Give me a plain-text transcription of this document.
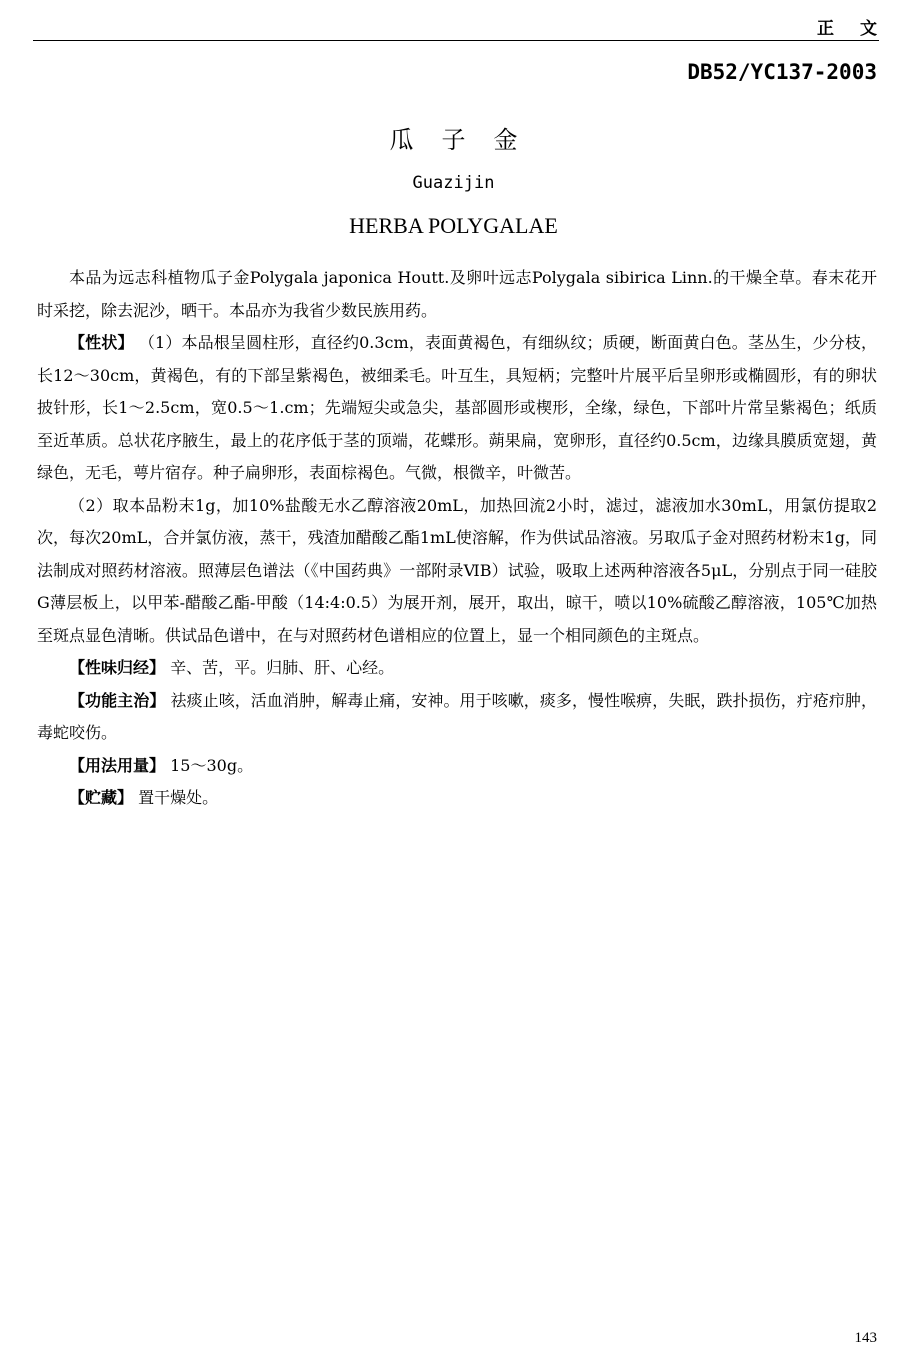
正文
DB52/YC137-2003
瓜子金
Guazijin
HERBA POLYGALAE

本品为远志科植物瓜子金Polygala japonica Houtt.及卵叶远志Polygala sibirica Linn.的干燥全草。春末花开时采挖，除去泥沙，晒干。本品亦为我省少数民族用药。

【性状】 （1）本品根呈圆柱形，直径约0.3cm，表面黄褐色，有细纵纹；质硬，断面黄白色。茎丛生，少分枝，长12～30cm，黄褐色，有的下部呈紫褐色，被细柔毛。叶互生，具短柄；完整叶片展平后呈卵形或椭圆形，有的卵状披针形，长1～2.5cm，宽0.5～1.cm；先端短尖或急尖，基部圆形或楔形，全缘，绿色，下部叶片常呈紫褐色；纸质至近革质。总状花序腋生，最上的花序低于茎的顶端，花蝶形。蒴果扁，宽卵形，直径约0.5cm，边缘具膜质宽翅，黄绿色，无毛，萼片宿存。种子扁卵形，表面棕褐色。气微，根微辛，叶微苦。

（2）取本品粉末1g，加10%盐酸无水乙醇溶液20mL，加热回流2小时，滤过，滤液加水30mL，用氯仿提取2次，每次20mL，合并氯仿液，蒸干，残渣加醋酸乙酯1mL使溶解，作为供试品溶液。另取瓜子金对照药材粉末1g，同法制成对照药材溶液。照薄层色谱法（《中国药典》一部附录ⅥB）试验，吸取上述两种溶液各5μL，分别点于同一硅胶G薄层板上，以甲苯-醋酸乙酯-甲酸（14:4:0.5）为展开剂，展开，取出，晾干，喷以10%硫酸乙醇溶液，105℃加热至斑点显色清晰。供试品色谱中，在与对照药材色谱相应的位置上，显一个相同颜色的主斑点。

【性味归经】 辛、苦，平。归肺、肝、心经。

【功能主治】 祛痰止咳，活血消肿，解毒止痛，安神。用于咳嗽，痰多，慢性喉痹，失眠，跌扑损伤，疔疮疖肿，毒蛇咬伤。

【用法用量】 15～30g。

【贮藏】 置干燥处。

143
